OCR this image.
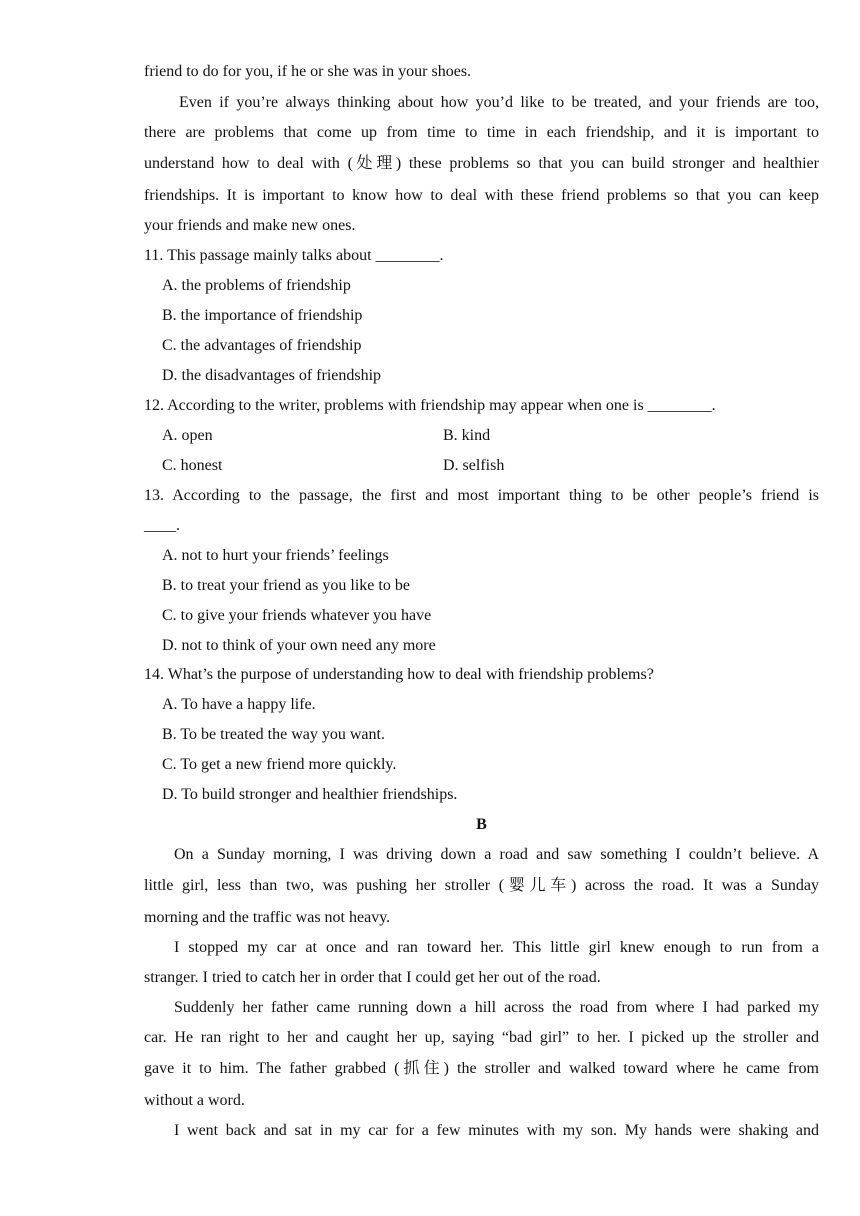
friend to do for you, if he or she was in your shoes.
Even if you’re always thinking about how you’d like to be treated, and your friends are too,
there are problems that come up from time to time in each friendship, and it is important to
understand how to deal with (处理) these problems so that you can build stronger and healthier
friendships. It is important to know how to deal with these friend problems so that you can keep
your friends and make new ones.
11. This passage mainly talks about ________.
A. the problems of friendship
B. the importance of friendship
C. the advantages of friendship
D. the disadvantages of friendship
12. According to the writer, problems with friendship may appear when one is ________.
A. open	B. kind
C. honest	D. selfish
13. According to the passage, the first and most important thing to be other people’s friend is
____.
A. not to hurt your friends’ feelings
B. to treat your friend as you like to be
C. to give your friends whatever you have
D. not to think of your own need any more
14. What’s the purpose of understanding how to deal with friendship problems?
A. To have a happy life.
B. To be treated the way you want.
C. To get a new friend more quickly.
D. To build stronger and healthier friendships.
B
On a Sunday morning, I was driving down a road and saw something I couldn’t believe. A
little girl, less than two, was pushing her stroller (婴儿车) across the road. It was a Sunday
morning and the traffic was not heavy.
I stopped my car at once and ran toward her. This little girl knew enough to run from a
stranger. I tried to catch her in order that I could get her out of the road.
Suddenly her father came running down a hill across the road from where I had parked my
car. He ran right to her and caught her up, saying “bad girl” to her. I picked up the stroller and
gave it to him. The father grabbed (抓住) the stroller and walked toward where he came from
without a word.
I went back and sat in my car for a few minutes with my son. My hands were shaking and
